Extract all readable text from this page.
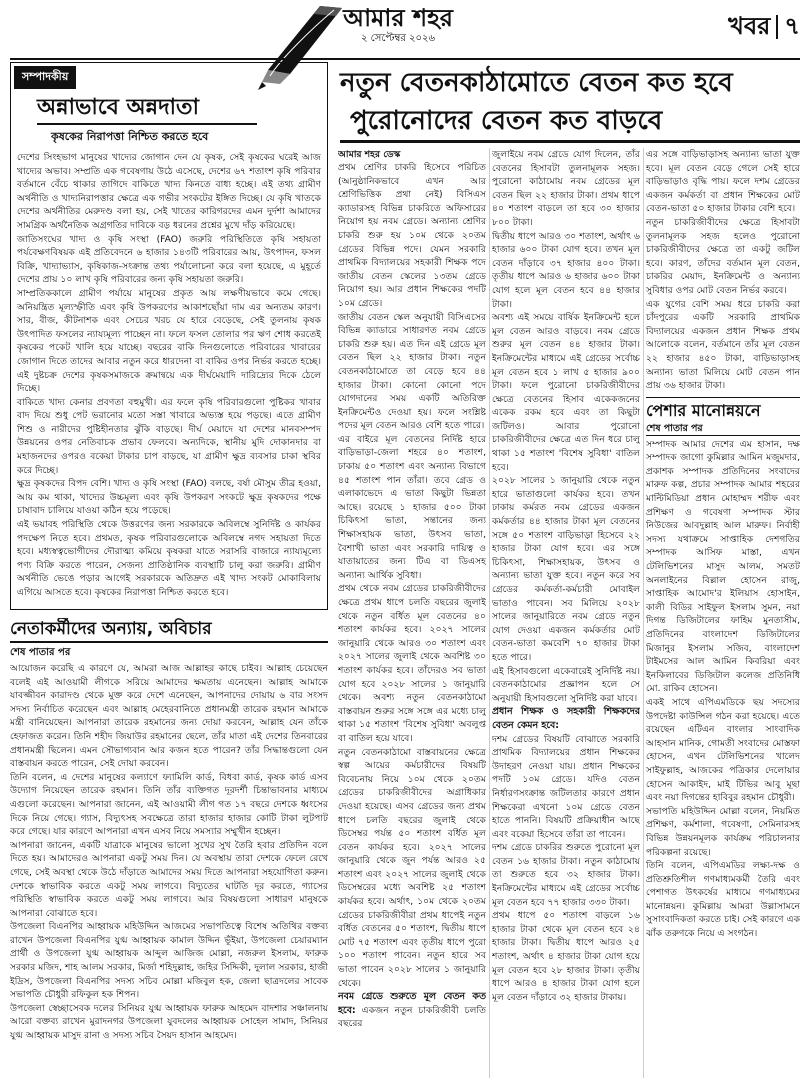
আমার শহর
২ সেপ্টেম্বর ২০২৬	খবর ৭
সম্পাদকীয়
অন্নাভাবে অন্নদাতা
কৃষকের নিরাপত্তা নিশ্চিত করতে হবে

দেশের সিংহভাগ মানুষের খাদ্যের জোগান দেন যে কৃষক, সেই কৃষকের ঘরেই আজ খাদ্যের অভাব। সম্প্রতি এক গবেষণায় উঠে এসেছে, দেশের ৬৭ শতাংশ কৃষি পরিবার বর্তমানে বেঁচে থাকার তাগিদে বাকিতে খাদ্য কিনতে বাধ্য হচ্ছে। এই তথ্য গ্রামীণ অর্থনীতি ও খাদ্যনিরাপত্তার ক্ষেত্রে এক গভীর সংকটের ইঙ্গিত দিচ্ছে। যে কৃষি খাতকে দেশের অর্থনীতির মেরুদণ্ড বলা হয়, সেই খাতের কারিগরদের এমন দুর্দশা আমাদের সামগ্রিক অর্থনৈতিক অগ্রগতির দাবিকে বড় ধরনের প্রশ্নের মুখে দাঁড় করিয়েছে।

জাতিসংঘের খাদ্য ও কৃষি সংস্থা (FAO) জরুরি পরিস্থিতিতে কৃষি সহায়তা পর্যবেক্ষণবিষয়ক এই প্রতিবেদনে ৬ হাজার ১৪৩টি পরিবারের আয়, উৎপাদন, ফসল বিক্রি, খাদ্যাভ্যাস, কৃষিকাজ-সংক্রান্ত তথ্য পর্যালোচনা করে বলা হয়েছে, এ মুহূর্তে দেশের প্রায় ১০ লাখ কৃষি পরিবারের জন্য কৃষি সহায়তা জরুরি।

সাম্প্রতিককালে গ্রামীণ পর্যায়ে মানুষের প্রকৃত আয় লক্ষণীয়ভাবে কমে গেছে। অনিয়ন্ত্রিত মূল্যস্ফীতি এবং কৃষি উপকরণের আকাশছোঁয়া দাম এর অন্যতম কারণ। সার, বীজ, কীটনাশক এবং সেচের খরচ যে হারে বেড়েছে, সেই তুলনায় কৃষক উৎপাদিত ফসলের ন্যায্যমূল্য পাচ্ছেন না। ফলে ফসল তোলার পর ঋণ শোধ করতেই কৃষকের পকেট খালি হয়ে যাচ্ছে। বছরের বাকি দিনগুলোতে পরিবারের খাবারের জোগান দিতে তাদের আবার নতুন করে ধারদেনা বা বাকির ওপর নির্ভর করতে হচ্ছে। এই দুষ্টচক্র দেশের কৃষকসমাজকে ক্রমান্বয়ে এক দীর্ঘমেয়াদি দারিদ্র্যের দিকে ঠেলে দিচ্ছে।

বাকিতে খাদ্য কেনার প্রবণতা বহুমুখী। এর ফলে কৃষি পরিবারগুলো পুষ্টিকর খাবার বাদ দিয়ে শুধু পেট ভরানোর মতো সস্তা খাবারে অভ্যস্ত হয়ে পড়ছে। এতে গ্রামীণ শিশু ও নারীদের পুষ্টিহীনতার ঝুঁকি বাড়ছে। দীর্ঘ মেয়াদে যা দেশের মানবসম্পদ উন্নয়নের ওপর নেতিবাচক প্রভাব ফেলবে। অন্যদিকে, স্থানীয় মুদি দোকানদার বা মহাজনদের ওপরও বকেয়া টাকার চাপ বাড়ছে, যা গ্রামীণ ক্ষুদ্র ব্যবসার চাকা স্থবির করে দিচ্ছে।

ক্ষুদ্র কৃষকদের বিপদ বেশি। খাদ্য ও কৃষি সংস্থা (FAO) বলছে, বর্ষা মৌসুম তীব্র হওয়া, আয় কম থাকা, খাদ্যের উচ্চমূল্য এবং কৃষি উপকরণ সংকটে ক্ষুদ্র কৃষকদের পক্ষে চাষাবাদ চালিয়ে যাওয়া কঠিন হয়ে পড়েছে।

এই ভয়াবহ পরিস্থিতি থেকে উত্তরণের জন্য সরকারকে অবিলম্বে সুনির্দিষ্ট ও কার্যকর পদক্ষেপ নিতে হবে। প্রথমত, কৃষক পরিবারগুলোকে অবিলম্বে নগদ সহায়তা দিতে হবে। মধ্যস্বত্বভোগীদের দৌরাত্ম্য কমিয়ে কৃষকরা যাতে সরাসরি বাজারে ন্যায্যমূল্যে পণ্য বিক্রি করতে পারেন, সেজন্য প্রাতিষ্ঠানিক ব্যবস্থাটি চালু করা জরুরি। গ্রামীণ অর্থনীতি ভেঙে পড়ার আগেই সরকারকে অতিদ্রুত এই খাদ্য সংকট মোকাবিলায় এগিয়ে আসতে হবে। কৃষকের নিরাপত্তা নিশ্চিত করতে হবে।

নেতাকর্মীদের অন্যায়, অবিচার
শেষ পাতার পর

আয়োজন করেছি এ কারণে যে, আমরা আজ আল্লাহর কাছে চাইব। আল্লাহ চেয়েছেন বলেই এই আওয়ামী লীগকে সরিয়ে আমাদের ক্ষমতায় এনেছেন। আল্লাহ আমাকে যাবজ্জীবন কারাদণ্ড থেকে মুক্ত করে দেশে এনেছেন, আপনাদের দোয়ায় ৬ বার সংসদ সদস্য নির্বাচিত করেছেন এবং আল্লাহ মেহেরবানিতে প্রধানমন্ত্রী তারেক রহমান আমাকে মন্ত্রী বানিয়েছেন। আপনারা তারেক রহমানের জন্য দোয়া করবেন, আল্লাহ যেন তাঁকে হেফাজত করেন। তিনি শহীদ জিয়াউর রহমানের ছেলে, তাঁর মাতা এই দেশের তিনবারের প্রধানমন্ত্রী ছিলেন। এমন সৌভাগ্যবান আর কজন হতে পারেন? তাঁর সিদ্ধান্তগুলো যেন বাস্তবায়ন করতে পারেন, সেই দোয়া করবেন।

তিনি বলেন, এ দেশের মানুষের কল্যাণে ফ্যামিলি কার্ড, বিধবা কার্ড, কৃষক কার্ড এসব উদ্যোগ নিয়েছেন তারেক রহমান। তিনি তাঁর ব্যক্তিগত দূরদর্শী চিন্তাভাবনার মাধ্যমে এগুলো করেছেন। আপনারা জানেন, এই আওয়ামী লীগ গত ১৭ বছরে দেশকে ধ্বংসের দিকে নিয়ে গেছে। গ্যাস, বিদ্যুৎসহ সবক্ষেত্রে তারা হাজার হাজার কোটি টাকা লুটপাট করে গেছে। যার কারণে আপনারা এখন এসব নিয়ে সমস্যার সম্মুখীন হচ্ছেন।

আপনারা জানেন, একটি যাত্রাকে মানুষের ভালো সুখের সুখ তৈরি হবার প্রতিদিন বলে দিতে হয়। আমাদেরও আপনারা একটু সময় দিন। যে অবস্থায় তারা দেশকে ফেলে রেখে গেছে, সেই অবস্থা থেকে উঠে দাঁড়াতে আমাদের সময় দিতে আপনারা সহযোগিতা করুন। দেশকে স্বাভাবিক করতে একটু সময় লাগবে। বিদ্যুতের ঘাটতি দূর করতে, গ্যাসের পরিস্থিতি স্বাভাবিক করতে একটু সময় লাগবে। আর বিষয়গুলো সাধারণ মানুষকে আপনারা বোঝাতে হবে।

উপজেলা বিএনপির আহ্বায়ক মহিউদ্দিন আজমের সভাপতিত্বে বিশেষ অতিথির বক্তব্য রাখেন উপজেলা বিএনপির যুগ্ম আহ্বায়ক কামাল উদ্দিন ভূঁইয়া, উপজেলা চেয়ারম্যান প্রার্থী ও উপজেলা যুগ্ম আহ্বায়ক আব্দুল আজিজ মোল্লা, নজরুল ইসলাম, ফারুক সরকার মজিদ, শাহ আলম সরকার, মির্জা শহিদুল্লাহ, জহির সিদ্দিকী, দুলাল সরকার, হাজী ইদ্রিস, উপজেলা বিএনপির সদস্য সচিব মোল্লা মজিবুল হক, জেলা ছাত্রদলের সাবেক সভাপতি চৌধুরী রফিকুল হক শিপন।

উপজেলা স্বেচ্ছাসেবক দলের সিনিয়র যুগ্ম আহ্বায়ক ফারুক আহমেদ বাদশার সঞ্চালনায় আরো বক্তব্য রাখেন মুরাদনগর উপজেলা যুবদলের আহ্বায়ক সোহেল সামাদ, সিনিয়র যুগ্ম আহ্বায়ক মাসুদ রানা ও সদস্য সচিব সৈয়দ হাসান আহমেদ।

নতুন বেতনকাঠামোতে বেতন কত হবে
পুরোনোদের বেতন কত বাড়বে
আমার শহর ডেস্ক

প্রথম শ্রেণির চাকরি হিসেবে পরিচিত (আনুষ্ঠানিকভাবে এখন আর শ্রেণিভিত্তিক প্রথা নেই) বিসিএস ক্যাডারসহ বিভিন্ন চাকরিতে অফিসারের নিয়োগ হয় নবম গ্রেডে। অন্যান্য শ্রেণির চাকরি শুরু হয় ১০ম থেকে ২০তম গ্রেডের বিভিন্ন পদে। যেমন সরকারি প্রাথমিক বিদ্যালয়ের সহকারী শিক্ষক পদে জাতীয় বেতন স্কেলের ১৩তম গ্রেডে নিয়োগ হয়। আর প্রধান শিক্ষকের পদটি ১০ম গ্রেডে।

জাতীয় বেতন স্কেল অনুযায়ী বিসিএসের বিভিন্ন ক্যাডারে সাধারণত নবম গ্রেডে চাকরি শুরু হয়। এত দিন এই গ্রেডে মূল বেতন ছিল ২২ হাজার টাকা। নতুন বেতনকাঠামোতে তা বেড়ে হবে ৪৪ হাজার টাকা। কোনো কোনো পদে যোগদানের সময় একটি অতিরিক্ত ইনক্রিমেন্টও দেওয়া হয়। ফলে সংশ্লিষ্ট পদের মূল বেতন আরও বেশি হতে পারে।

এর বাইরে মূল বেতনের নির্দিষ্ট হারে বাড়িভাড়া-জেলা শহরে ৪০ শতাংশ, ঢাকায় ৫০ শতাংশ এবং অন্যান্য বিভাগে ৪৫ শতাংশ পান তাঁরা। তবে গ্রেড ও এলাকাভেদে এ ভাতা কিছুটা ভিন্নতা আছে। রয়েছে ১ হাজার ৫০০ টাকা চিকিৎসা ভাতা, সন্তানের জন্য শিক্ষাসহায়ক ভাতা, উৎসব ভাতা, বৈশাখী ভাতা এবং সরকারি দায়িত্ব ও যাতায়াতের জন্য টিএ বা ডিএসহ অন্যান্য আর্থিক সুবিধা।

প্রথম থেকে নবম গ্রেডের চাকরিজীবীদের ক্ষেত্রে প্রথম ধাপে চলতি বছরের জুলাই থেকে নতুন বর্ধিত মূল বেতনের ৪০ শতাংশ কার্যকর হবে। ২০২৭ সালের জানুয়ারি থেকে আরও ৩০ শতাংশ এবং ২০২৭ সালের জুলাই থেকে অবশিষ্ট ৩০ শতাংশ কার্যকর হবে। তাঁদেরও সব ভাতা যোগ হবে ২০২৮ সালের ১ জানুয়ারি থেকে। অবশ্য নতুন বেতনকাঠামো বাস্তবায়ন শুরুর সঙ্গে সঙ্গে এর মধ্যে চালু থাকা ১৫ শতাংশ 'বিশেষ সুবিধা' অবলুপ্ত বা বাতিল হয়ে যাবে।

নতুন বেতনকাঠামো বাস্তবায়নের ক্ষেত্রে স্বল্প আয়ের কর্মচারীদের বিষয়টি বিবেচনায় নিয়ে ১০ম থেকে ২০তম গ্রেডের চাকরিজীবীদের অগ্রাধিকার দেওয়া হয়েছে। এসব গ্রেডের জন্য প্রথম ধাপে চলতি বছরের জুলাই থেকে ডিসেম্বর পর্যন্ত ৫০ শতাংশ বর্ধিত মূল বেতন কার্যকর হবে। ২০২৭ সালের জানুয়ারি থেকে জুন পর্যন্ত আরও ২৫ শতাংশ এবং ২০২৭ সালের জুলাই থেকে ডিসেম্বরের মধ্যে অবশিষ্ট ২৫ শতাংশ কার্যকর হবে। অর্থাৎ, ১০ম থেকে ২০তম গ্রেডের চাকরিজীবীরা প্রথম ধাপেই নতুন বর্ধিত বেতনের ৫০ শতাংশ, দ্বিতীয় ধাপে মোট ৭৫ শতাংশ এবং তৃতীয় ধাপে পুরো ১০০ শতাংশ পাবেন। নতুন হারে সব ভাতা পাবেন ২০২৮ সালের ১ জানুয়ারি থেকে।

নবম গ্রেডে শুরুতে মূল বেতন কত হবে: একজন নতুন চাকরিজীবী চলতি বছরের

জুলাইয়ে নবম গ্রেডে যোগ দিলেন, তাঁর বেতনের হিসাবটা তুলনামূলক সহজ। পুরোনো কাঠামোয় নবম গ্রেডের মূল বেতন ছিল ২২ হাজার টাকা। প্রথম ধাপে ৪০ শতাংশ বাড়লে তা হবে ৩০ হাজার ৮০০ টাকা।

দ্বিতীয় ধাপে আরও ৩০ শতাংশ, অর্থাৎ ৬ হাজার ৬০০ টাকা যোগ হবে। তখন মূল বেতন দাঁড়াবে ৩৭ হাজার ৪০০ টাকা। তৃতীয় ধাপে আরও ৬ হাজার ৬০০ টাকা যোগ হলে মূল বেতন হবে ৪৪ হাজার টাকা।

অবশ্য এই সময়ে বার্ষিক ইনক্রিমেন্ট হলে মূল বেতন আরও বাড়বে। নবম গ্রেডে শুরুর মূল বেতন ৪৪ হাজার টাকা। ইনক্রিমেন্টের মাধ্যমে এই গ্রেডের সর্বোচ্চ মূল বেতন হবে ১ লাখ ৫ হাজার ৯০০ টাকা। ফলে পুরোনো চাকরিজীবীদের ক্ষেত্রে বেতনের হিসাব একেকজনের একেক রকম হবে এবং তা কিছুটা জটিলও। আবার পুরোনো চাকরিজীবীদের ক্ষেত্রে এত দিন ধরে চালু থাকা ১৫ শতাংশ 'বিশেষ সুবিধা' বাতিল হবে।

২০২৮ সালের ১ জানুয়ারি থেকে নতুন হারে ভাতাগুলো কার্যকর হবে। তখন ঢাকায় কর্মরত নবম গ্রেডের একজন কর্মকর্তার ৪৪ হাজার টাকা মূল বেতনের সঙ্গে ৫০ শতাংশ বাড়িভাড়া হিসেবে ২২ হাজার টাকা যোগ হবে। এর সঙ্গে চিকিৎসা, শিক্ষাসহায়ক, উৎসব ও অন্যান্য ভাতা যুক্ত হবে। নতুন করে সব গ্রেডের কর্মকর্তা-কর্মচারী মোবাইল ভাতাও পাবেন। সব মিলিয়ে ২০২৮ সালের জানুয়ারিতে নবম গ্রেডে নতুন যোগ দেওয়া একজন কর্মকর্তার মোট বেতন-ভাতা কমবেশি ৭০ হাজার টাকা হতে পারে।

এই হিসাবগুলো একেবারেই সুনির্দিষ্ট নয়। বেতনকাঠামোর প্রজ্ঞাপন হলে সে অনুযায়ী হিসাবগুলো সুনির্দিষ্ট করা যাবে।

প্রধান শিক্ষক ও সহকারী শিক্ষকদের বেতন কেমন হবে:

দশম গ্রেডের বিষয়টি বোঝাতে সরকারি প্রাথমিক বিদ্যালয়ের প্রধান শিক্ষকের উদাহরণ নেওয়া যায়। প্রধান শিক্ষকের পদটি ১০ম গ্রেডে। যদিও বেতন নির্ধারণসংক্রান্ত জটিলতার কারণে প্রধান শিক্ষকেরা এখনো ১০ম গ্রেডে বেতন হাতে পাননি। বিষয়টি প্রক্রিয়াধীন আছে এবং বকেয়া হিসেবে তাঁরা তা পাবেন।

দশম গ্রেডে চাকরির শুরুতে পুরোনো মূল বেতন ১৬ হাজার টাকা। নতুন কাঠামোয় তা শুরুতে হবে ৩২ হাজার টাকা। ইনক্রিমেন্টের মাধ্যমে এই গ্রেডের সর্বোচ্চ মূল বেতন হবে ৭৭ হাজার ৩৩০ টাকা।

প্রথম ধাপে ৫০ শতাংশ বাড়লে ১৬ হাজার টাকা থেকে মূল বেতন হবে ২৪ হাজার টাকা। দ্বিতীয় ধাপে আরও ২৫ শতাংশ, অর্থাৎ ৪ হাজার টাকা যোগ হয়ে মূল বেতন হবে ২৮ হাজার টাকা। তৃতীয় ধাপে আরও ৪ হাজার টাকা যোগ হলে মূল বেতন দাঁড়াবে ৩২ হাজার টাকায়।

এর সঙ্গে বাড়িভাড়াসহ অন্যান্য ভাতা যুক্ত হবে। মূল বেতন বেড়ে গেলে সেই হারে বাড়িভাড়াও বৃদ্ধি পায়। ফলে দশম গ্রেডের একজন কর্মকর্তা বা প্রধান শিক্ষকের মোট বেতন-ভাতা ৫০ হাজার টাকার বেশি হবে।

নতুন চাকরিজীবীদের ক্ষেত্রে হিসাবটা তুলনামূলক সহজ হলেও পুরোনো চাকরিজীবীদের ক্ষেত্রে তা একটু জটিল হবে। কারণ, তাঁদের বর্তমান মূল বেতন, চাকরির মেয়াদ, ইনক্রিমেন্ট ও অন্যান্য সুবিধার ওপর মোট বেতন নির্ভর করবে।

এক যুগের বেশি সময় ধরে চাকরি করা চাঁদপুরের একটি সরকারি প্রাথমিক বিদ্যালয়ের একজন প্রধান শিক্ষক প্রথম আলোকে বলেন, বর্তমানে তাঁর মূল বেতন ২২ হাজার ৪৫০ টাকা, বাড়িভাড়াসহ অন্যান্য ভাতা মিলিয়ে মোট বেতন পান প্রায় ৩৬ হাজার টাকা।

পেশার মানোন্নয়নে
শেষ পাতার পর

সম্পাদক আমার দেশের এম হাসান, দক্ষ সম্পাদক জাগো কুমিল্লার আমিন মজুমদার, প্রকাশক সম্পাদক প্রতিদিনের সংবাদের মারুফ কল্প, প্রচার সম্পাদক আমার শহরের মাল্টিমিডিয়া প্রধান মোহাম্মদ শরীফ এবং প্রশিক্ষণ ও গবেষণা সম্পাদক স্টার নিউজের আবদুল্লাহ আল মারুফ। নির্বাহী সদস্য যথাক্রমে সাপ্তাহিক দেশগতির সম্পাদক আসিফ মাস্তা, এখন টেলিভিশনের মাসুদ আলম, সমতট অনলাইনের বিল্লাল হোসেন রাজু, সাপ্তাহিক আমোদ'র ইলিয়াস হোসাইন, কালী বিডির সাইফুল ইসলাম সুমন, নয়া দিগন্ত ডিজিটালের ফাহিম মুনতাসীম, প্রতিদিনের বাংলাদেশ ডিজিটালের মিজানুর ইসলাম সজিব, বাংলাদেশ টাইমসের আল আমিন কিবরিয়া এবং ইনকিলাবের ডিজিটাল কলেজ প্রতিনিধি মো. রাকিব হোসেন।

একই সাথে এপিএমডিকে ছয় সদস্যের উপদেষ্টা কাউন্সিল গঠন করা হয়েছে। এতে রয়েছেন এটিএন বাংলার সাংবাদিক আহসান মানিক, গোমতী সংবাদের মোস্তফা হোসেন, এখন টেলিভিশনের খালেদ সাইফুল্লাহ, আজকের পত্রিকার দেলোয়ার হোসেন আকাইদ, মাই টিভির আবু মূছা এবং নয়া দিগন্তের হাবিবুর রহমান চৌধুরী।

সভাপতি মহিউদ্দিন মোল্লা বলেন, নিয়মিত প্রশিক্ষণ, কর্মশালা, গবেষণা, সেমিনারসহ বিভিন্ন উন্নয়নমূলক কার্যক্রম পরিচালনার পরিকল্পনা রয়েছে।

তিনি বলেন, এপিএমডির লক্ষ্য-দক্ষ ও প্রতিশ্রুতিশীল গণমাধ্যমকর্মী তৈরি এবং পেশাগত উৎকর্ষের মাধ্যমে গণমাধ্যমের মানোন্নয়ন। কুমিল্লায় আমরা উল্লাসামনে সুসাংবাদিকতা করতে চাই। সেই কারণে এক ঝাঁক তরুণকে নিয়ে এ সংগঠন।
